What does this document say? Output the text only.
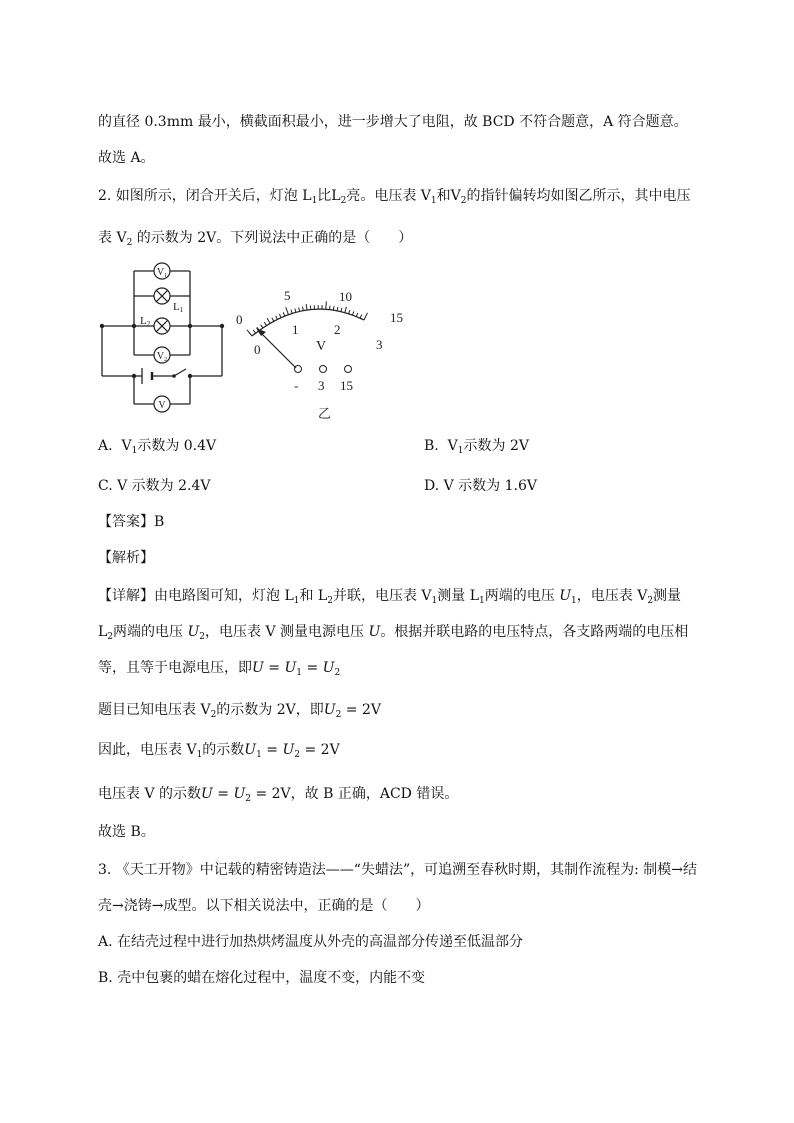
的直径 0.3mm 最小，横截面积最小，进一步增大了电阻，故 BCD 不符合题意，A 符合题意。
故选 A。
2. 如图所示，闭合开关后，灯泡 $L_1$比$L_2$亮。电压表 $V_1$和$V_2$的指针偏转均如图乙所示，其中电压
表 $V_2$ 的示数为 2V。下列说法中正确的是（　　）
$V_1$
$V_2$
V
L1
L2	0
5	10
15
0
1	2
3
V
- 3 15
乙
A. $V_1$示数为 0.4V	B. $V_1$示数为 2V
C. V 示数为 2.4V	D. V 示数为 1.6V
【答案】B
【解析】
【详解】由电路图可知，灯泡 $L_1$和 $L_2$并联，电压表 $V_1$测量 $L_1$两端的电压 $U_1$，电压表 $V_2$测量
$L_2$两端的电压 $U_2$，电压表 V 测量电源电压 U。根据并联电路的电压特点，各支路两端的电压相
等，且等于电源电压，即$U = U_1 = U_2$
题目已知电压表 $V_2$的示数为 2V，即$U_2 = 2V$
因此，电压表 $V_1$的示数$U_1 = U_2 = 2V$
电压表 V 的示数$U = U_2 = 2V$，故 B 正确，ACD 错误。
故选 B。
3. 《天工开物》中记载的精密铸造法——“失蜡法”，可追溯至春秋时期，其制作流程为: 制模→结
壳→浇铸→成型。以下相关说法中，正确的是（　　）
A. 在结壳过程中进行加热烘烤温度从外壳的高温部分传递至低温部分
B. 壳中包裹的蜡在熔化过程中，温度不变，内能不变
